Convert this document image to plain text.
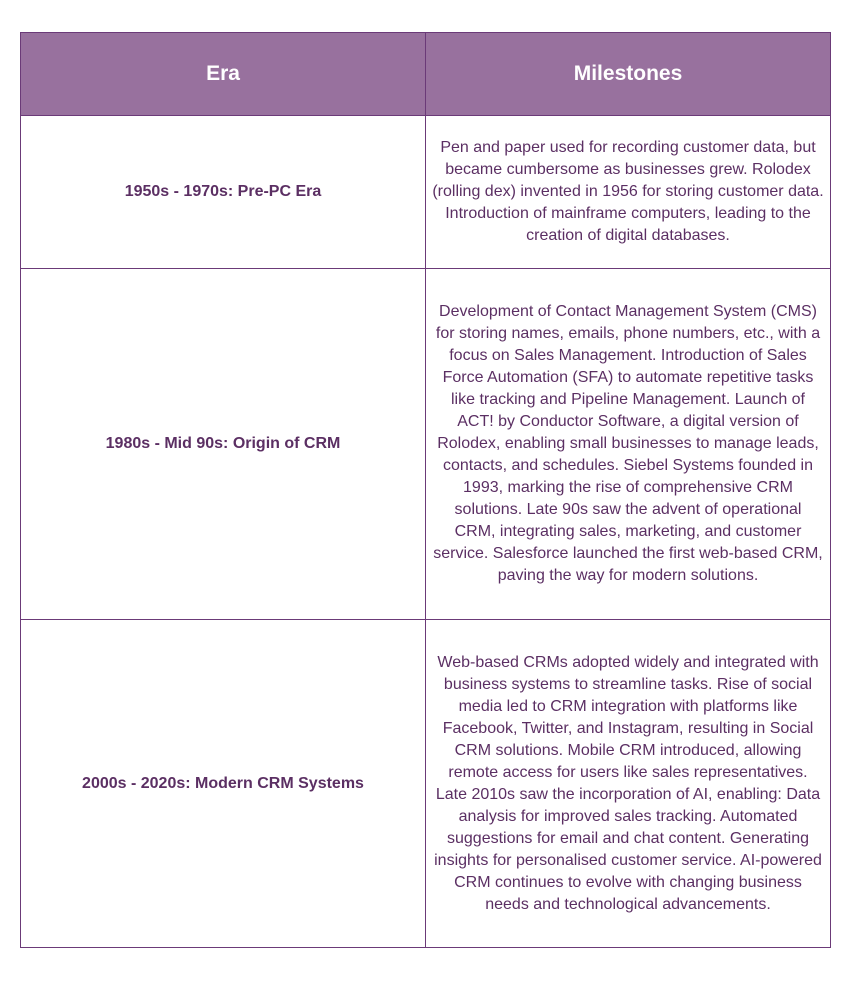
Era	Milestones
1950s - 1970s: Pre-PC Era	Pen and paper used for recording customer data, but became cumbersome as businesses grew. Rolodex (rolling dex) invented in 1956 for storing customer data. Introduction of mainframe computers, leading to the creation of digital databases.
1980s - Mid 90s: Origin of CRM	Development of Contact Management System (CMS) for storing names, emails, phone numbers, etc., with a focus on Sales Management. Introduction of Sales Force Automation (SFA) to automate repetitive tasks like tracking and Pipeline Management. Launch of ACT! by Conductor Software, a digital version of Rolodex, enabling small businesses to manage leads, contacts, and schedules. Siebel Systems founded in 1993, marking the rise of comprehensive CRM solutions. Late 90s saw the advent of operational CRM, integrating sales, marketing, and customer service. Salesforce launched the first web-based CRM, paving the way for modern solutions.
2000s - 2020s: Modern CRM Systems	Web-based CRMs adopted widely and integrated with business systems to streamline tasks. Rise of social media led to CRM integration with platforms like Facebook, Twitter, and Instagram, resulting in Social CRM solutions. Mobile CRM introduced, allowing remote access for users like sales representatives. Late 2010s saw the incorporation of AI, enabling: Data analysis for improved sales tracking. Automated suggestions for email and chat content. Generating insights for personalised customer service. AI-powered CRM continues to evolve with changing business needs and technological advancements.
